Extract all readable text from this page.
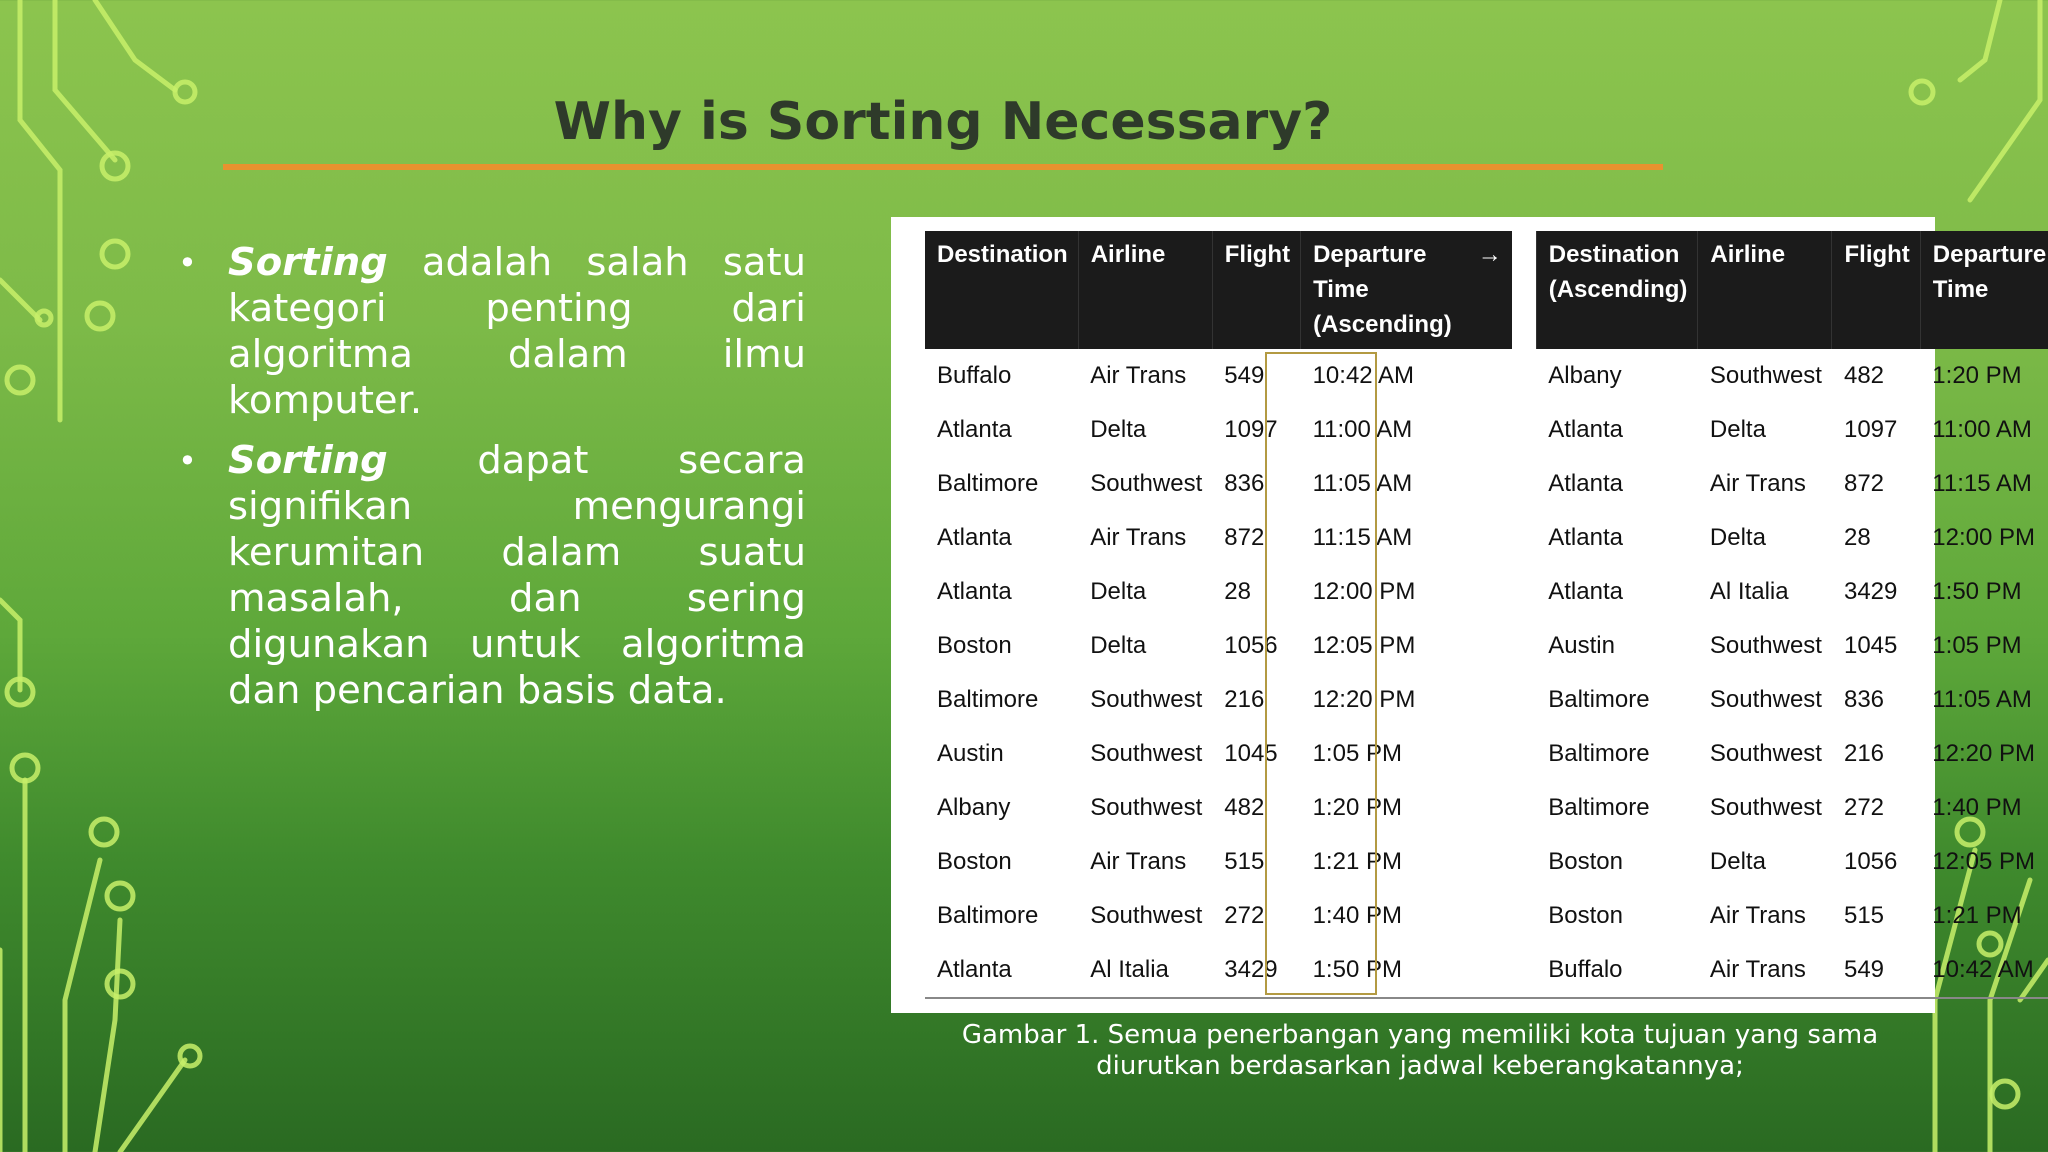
Why is Sorting Necessary?
• Sorting adalah salah satu kategori penting dari algoritma dalam ilmu komputer.
• Sorting dapat secara signifikan mengurangi kerumitan dalam suatu masalah, dan sering digunakan untuk algoritma dan pencarian basis data.
Destination	Airline	Flight	Departure Time (Ascending)	→	Destination (Ascending)	Airline	Flight	Departure Time
Buffalo	Air Trans	549	10:42 AM		Albany	Southwest	482	1:20 PM
Atlanta	Delta	1097	11:00 AM		Atlanta	Delta	1097	11:00 AM
Baltimore	Southwest	836	11:05 AM		Atlanta	Air Trans	872	11:15 AM
Atlanta	Air Trans	872	11:15 AM		Atlanta	Delta	28	12:00 PM
Atlanta	Delta	28	12:00 PM		Atlanta	Al Italia	3429	1:50 PM
Boston	Delta	1056	12:05 PM		Austin	Southwest	1045	1:05 PM
Baltimore	Southwest	216	12:20 PM		Baltimore	Southwest	836	11:05 AM
Austin	Southwest	1045	1:05 PM		Baltimore	Southwest	216	12:20 PM
Albany	Southwest	482	1:20 PM		Baltimore	Southwest	272	1:40 PM
Boston	Air Trans	515	1:21 PM		Boston	Delta	1056	12:05 PM
Baltimore	Southwest	272	1:40 PM		Boston	Air Trans	515	1:21 PM
Atlanta	Al Italia	3429	1:50 PM		Buffalo	Air Trans	549	10:42 AM
Gambar 1. Semua penerbangan yang memiliki kota tujuan yang sama diurutkan berdasarkan jadwal keberangkatannya;
